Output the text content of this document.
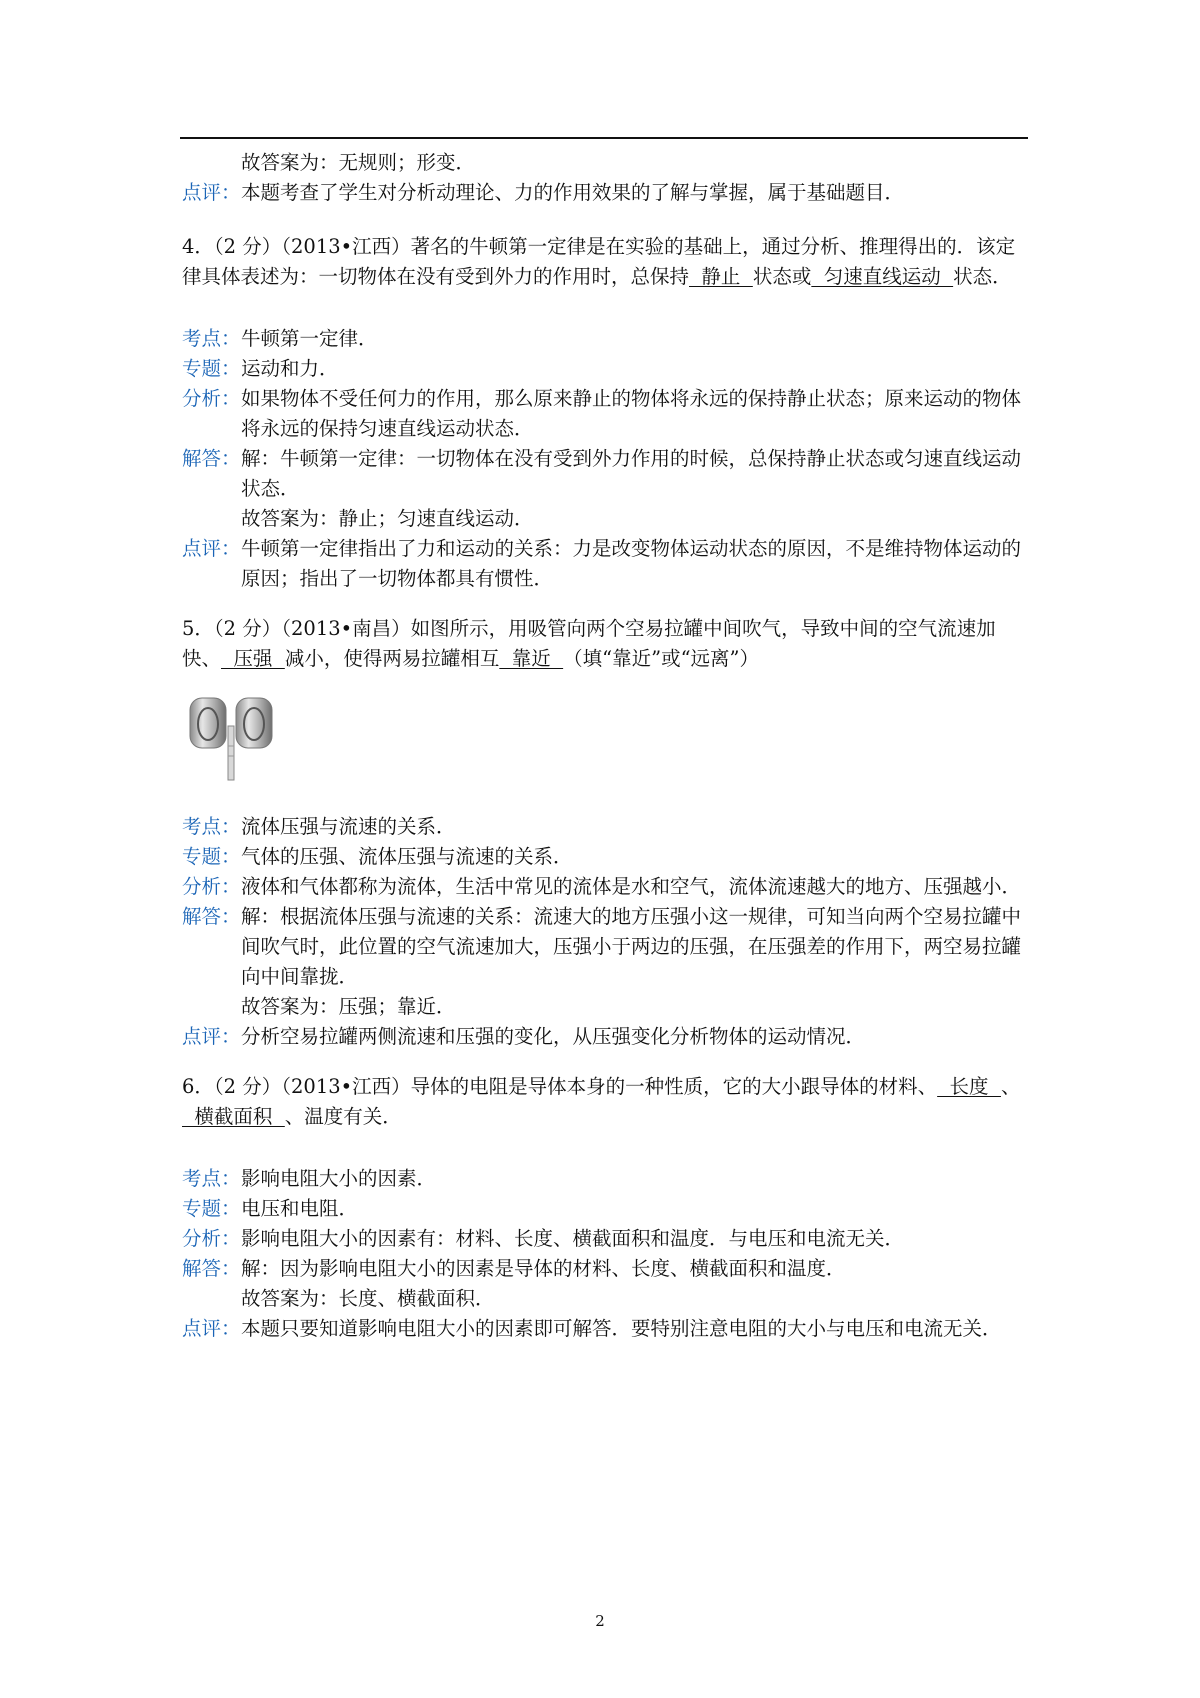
故答案为：无规则；形变．
点评： 本题考查了学生对分析动理论、力的作用效果的了解与掌握，属于基础题目．
4．（2 分）（2013•江西）著名的牛顿第一定律是在实验的基础上，通过分析、推理得出的．该定律具体表述为：一切物体在没有受到外力的作用时，总保持  静止  状态或  匀速直线运动  状态．
考点： 牛顿第一定律．
专题： 运动和力．
分析： 如果物体不受任何力的作用，那么原来静止的物体将永远的保持静止状态；原来运动的物体将永远的保持匀速直线运动状态．
解答： 解：牛顿第一定律：一切物体在没有受到外力作用的时候，总保持静止状态或匀速直线运动状态．
故答案为：静止；匀速直线运动．
点评： 牛顿第一定律指出了力和运动的关系：力是改变物体运动状态的原因，不是维持物体运动的原因；指出了一切物体都具有惯性．
5．（2 分）（2013•南昌）如图所示，用吸管向两个空易拉罐中间吹气，导致中间的空气流速加快、  压强  减小，使得两易拉罐相互  靠近  （填“靠近”或“远离”）
考点： 流体压强与流速的关系．
专题： 气体的压强、流体压强与流速的关系．
分析： 液体和气体都称为流体，生活中常见的流体是水和空气，流体流速越大的地方、压强越小．
解答： 解：根据流体压强与流速的关系：流速大的地方压强小这一规律，可知当向两个空易拉罐中间吹气时，此位置的空气流速加大，压强小于两边的压强，在压强差的作用下，两空易拉罐向中间靠拢．
故答案为：压强；靠近．
点评： 分析空易拉罐两侧流速和压强的变化，从压强变化分析物体的运动情况．
6．（2 分）（2013•江西）导体的电阻是导体本身的一种性质，它的大小跟导体的材料、  长度  、  横截面积  、温度有关．
考点： 影响电阻大小的因素．
专题： 电压和电阻．
分析： 影响电阻大小的因素有：材料、长度、横截面积和温度．与电压和电流无关．
解答： 解：因为影响电阻大小的因素是导体的材料、长度、横截面积和温度．
故答案为：长度、横截面积．
点评： 本题只要知道影响电阻大小的因素即可解答．要特别注意电阻的大小与电压和电流无关．
2
